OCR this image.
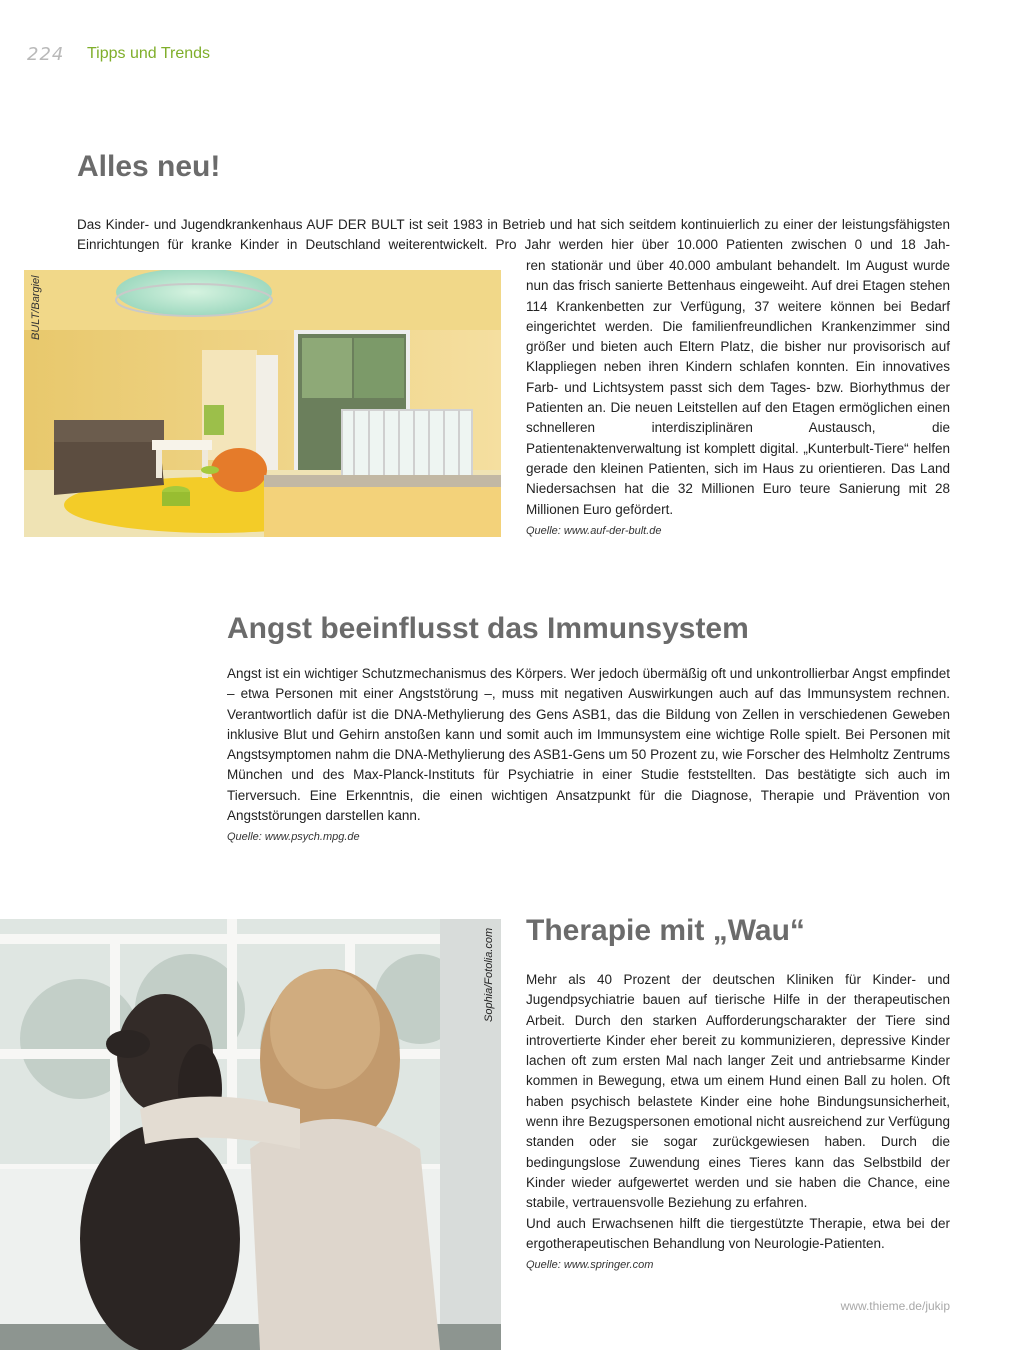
224 Tipps und Trends
Alles neu!

Das Kinder- und Jugendkrankenhaus AUF DER BULT ist seit 1983 in Betrieb und hat sich seitdem kontinuierlich zu einer der leistungsfähigsten Einrichtungen für kranke Kinder in Deutschland weiterentwickelt. Pro Jahr werden hier über 10.000 Patienten zwischen 0 und 18 Jah-

BULT/Bargiel

ren stationär und über 40.000 ambulant behandelt. Im August wurde nun das frisch sanierte Bettenhaus eingeweiht. Auf drei Etagen stehen 114 Krankenbetten zur Verfügung, 37 weitere können bei Bedarf eingerichtet werden. Die familienfreundlichen Krankenzimmer sind größer und bieten auch Eltern Platz, die bisher nur provisorisch auf Klappliegen neben ihren Kindern schlafen konnten. Ein innovatives Farb- und Lichtsystem passt sich dem Tages- bzw. Biorhythmus der Patienten an. Die neuen Leitstellen auf den Etagen ermöglichen einen schnelleren interdisziplinären Austausch, die Patientenaktenverwaltung ist komplett digital. „Kunterbult-Tiere“ helfen gerade den kleinen Patienten, sich im Haus zu orientieren. Das Land Niedersachsen hat die 32 Millionen Euro teure Sanierung mit 28 Millionen Euro gefördert.

Quelle: www.auf-der-bult.de
Angst beeinflusst das Immunsystem

Angst ist ein wichtiger Schutzmechanismus des Körpers. Wer jedoch übermäßig oft und unkontrollierbar Angst empfindet – etwa Personen mit einer Angststörung –, muss mit negativen Auswirkungen auch auf das Immunsystem rechnen. Verantwortlich dafür ist die DNA-Methylierung des Gens ASB1, das die Bildung von Zellen in verschiedenen Geweben inklusive Blut und Gehirn anstoßen kann und somit auch im Immunsystem eine wichtige Rolle spielt. Bei Personen mit Angstsymptomen nahm die DNA-Methylierung des ASB1-Gens um 50 Prozent zu, wie Forscher des Helmholtz Zentrums München und des Max-Planck-Instituts für Psychiatrie in einer Studie feststellten. Das bestätigte sich auch im Tierversuch. Eine Erkenntnis, die einen wichtigen Ansatzpunkt für die Diagnose, Therapie und Prävention von Angststörungen darstellen kann.

Quelle: www.psych.mpg.de
Sophia/Fotolia.com Therapie mit „Wau“
Mehr als 40 Prozent der deutschen Kliniken für Kinder- und Jugendpsychiatrie bauen auf tierische Hilfe in der therapeutischen Arbeit. Durch den starken Aufforderungscharakter der Tiere sind introvertierte Kinder eher bereit zu kommunizieren, depressive Kinder lachen oft zum ersten Mal nach langer Zeit und antriebsarme Kinder kommen in Bewegung, etwa um einem Hund einen Ball zu holen. Oft haben psychisch belastete Kinder eine hohe Bindungsunsicherheit, wenn ihre Bezugspersonen emotional nicht ausreichend zur Verfügung standen oder sie sogar zurückgewiesen haben. Durch die bedingungslose Zuwendung eines Tieres kann das Selbstbild der Kinder wieder aufgewertet werden und sie haben die Chance, eine stabile, vertrauensvolle Beziehung zu erfahren.
Und auch Erwachsenen hilft die tiergestützte Therapie, etwa bei der ergotherapeutischen Behandlung von Neurologie-Patienten.
Quelle: www.springer.com
www.thieme.de/jukip
